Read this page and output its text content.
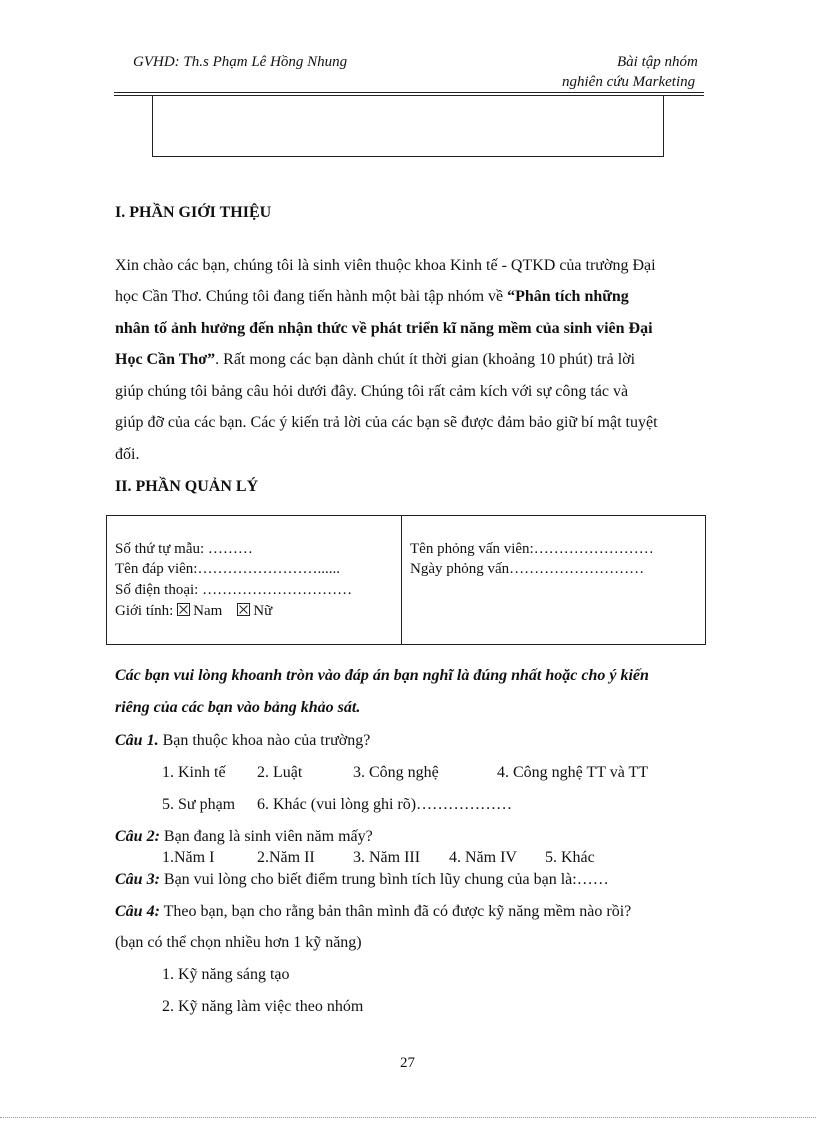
GVHD: Th.s Phạm Lê Hồng Nhung	Bài tập nhóm
nghiên cứu Marketing
I. PHẦN GIỚI THIỆU
Xin chào các bạn, chúng tôi là sinh viên thuộc khoa Kinh tế - QTKD của trường Đại
học Cần Thơ. Chúng tôi đang tiến hành một bài tập nhóm về “Phân tích những
nhân tố ảnh hưởng đến nhận thức về phát triển kĩ năng mềm của sinh viên Đại
Học Cần Thơ”. Rất mong các bạn dành chút ít thời gian (khoảng 10 phút) trả lời
giúp chúng tôi bảng câu hỏi dưới đây. Chúng tôi rất cảm kích với sự công tác và
giúp đỡ của các bạn. Các ý kiến trả lời của các bạn sẽ được đảm bảo giữ bí mật tuyệt
đối.
II. PHẦN QUẢN LÝ
Số thứ tự mẫu: ………
Tên đáp viên:……………………......
Số điện thoại: …………………………
Giới tính: Nam Nữ
Tên phỏng vấn viên:……………………
Ngày phỏng vấn………………………
Các bạn vui lòng khoanh tròn vào đáp án bạn nghĩ là đúng nhất hoặc cho ý kiến
riêng của các bạn vào bảng khảo sát.
Câu 1. Bạn thuộc khoa nào của trường?
1. Kinh tế 2. Luật	3. Công nghệ	4. Công nghệ TT và TT
5. Sư phạm 6. Khác (vui lòng ghi rõ)………………
Câu 2: Bạn đang là sinh viên năm mấy?
1.Năm I	2.Năm II 3. Năm III 4. Năm IV 5. Khác
Câu 3: Bạn vui lòng cho biết điểm trung bình tích lũy chung của bạn là:……
Câu 4: Theo bạn, bạn cho rằng bản thân mình đã có được kỹ năng mềm nào rồi?
(bạn có thể chọn nhiều hơn 1 kỹ năng)
1. Kỹ năng sáng tạo
2. Kỹ năng làm việc theo nhóm
27
